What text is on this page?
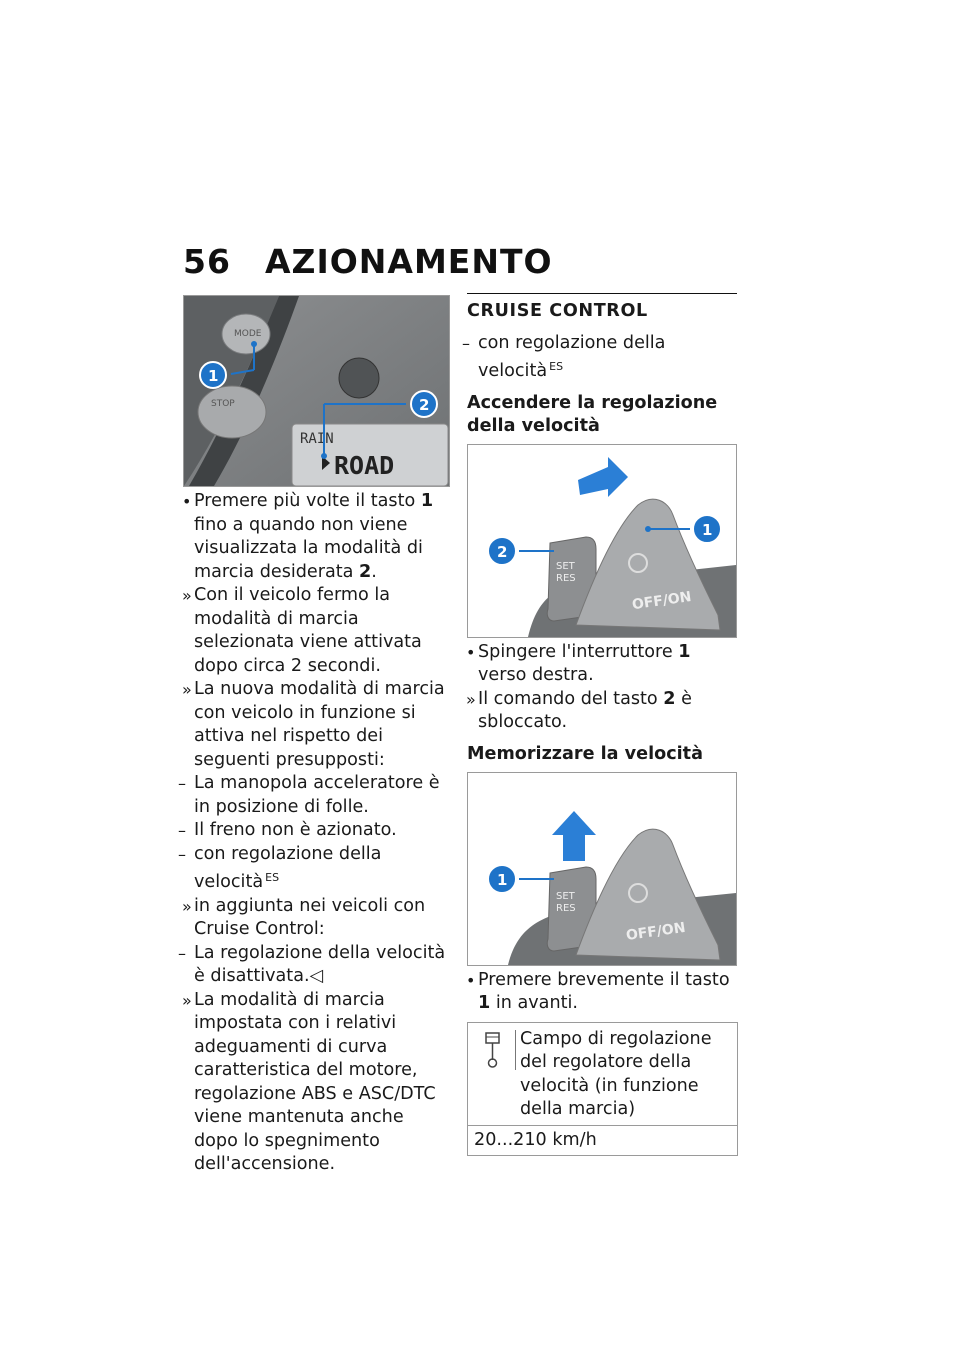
56 AZIONAMENTO
MODE
STOP
RAIN
ROAD
1
2

• Premere più volte il tasto 1 fino a quando non viene visualizzata la modalità di marcia desiderata 2.

» Con il veicolo fermo la modalità di marcia selezionata viene attivata dopo circa 2 secondi.

» La nuova modalità di marcia con veicolo in funzione si attiva nel rispetto dei seguenti presupposti:

– La manopola acceleratore è in posizione di folle.

– Il freno non è azionato.

– con regolazione della velocità $^{ES}$

» in aggiunta nei veicoli con Cruise Control:

– La regolazione della velocità è disattivata.◁

» La modalità di marcia impostata con i relativi adeguamenti di curva caratteristica del motore, regolazione ABS e ASC/DTC viene mantenuta anche dopo lo spegnimento dell'accensione.

CRUISE CONTROL

– con regolazione della velocità $^{ES}$

Accendere la regolazione della velocità
SET
RES
OFF/ON
2
1

• Spingere l'interruttore 1 verso destra.

» Il comando del tasto 2 è sbloccato.

Memorizzare la velocità
SET
RES
OFF/ON
1

• Premere brevemente il tasto 1 in avanti.

Campo di regolazione del regolatore della velocità (in funzione della marcia)
20...210 km/h
